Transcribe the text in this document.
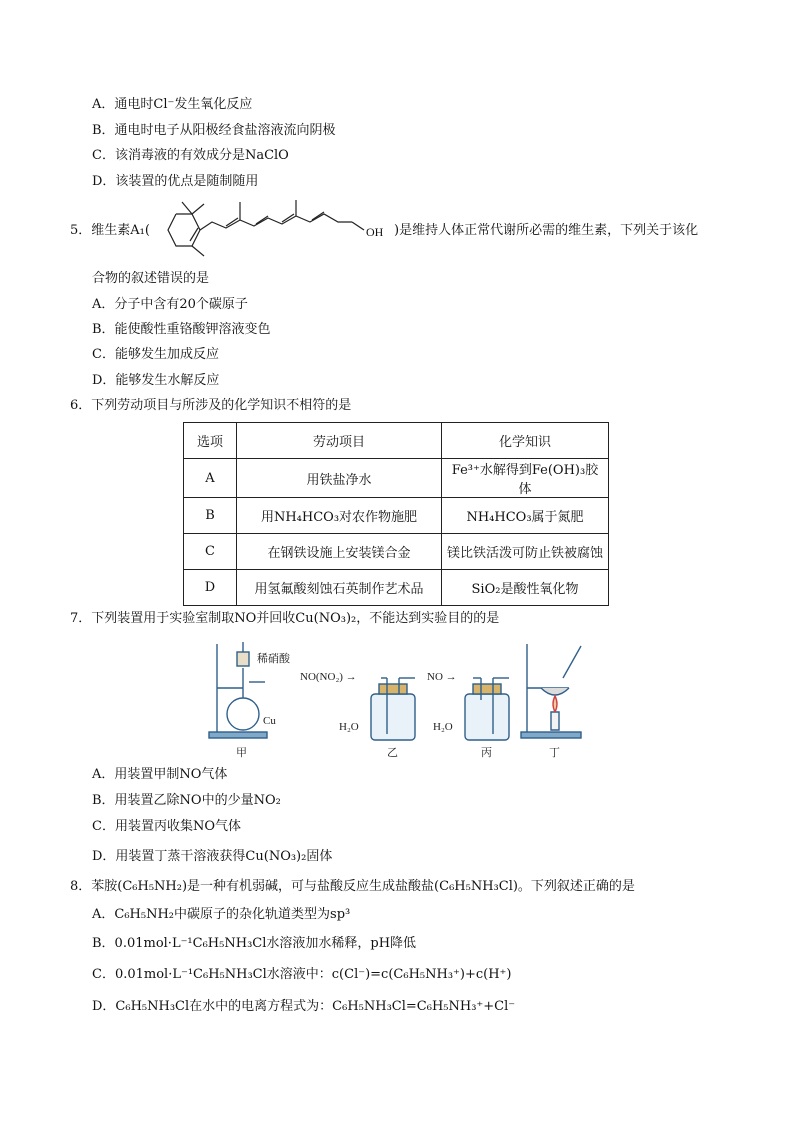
A．通电时Cl⁻发生氧化反应
B．通电时电子从阳极经食盐溶液流向阴极
C．该消毒液的有效成分是NaClO
D．该装置的优点是随制随用
5．维生素A₁(	OH )是维持人体正常代谢所必需的维生素，下列关于该化
合物的叙述错误的是
A．分子中含有20个碳原子
B．能使酸性重铬酸钾溶液变色
C．能够发生加成反应
D．能够发生水解反应
6．下列劳动项目与所涉及的化学知识不相符的是
选项	劳动项目	化学知识
A	用铁盐净水	Fe³⁺水解得到Fe(OH)₃胶体
B	用NH₄HCO₃对农作物施肥	NH₄HCO₃属于氮肥
C	在钢铁设施上安装镁合金	镁比铁活泼可防止铁被腐蚀
D	用氢氟酸刻蚀石英制作艺术品	SiO₂是酸性氧化物
7．下列装置用于实验室制取NO并回收Cu(NO₃)₂，不能达到实验目的的是
稀硝酸
Cu
NO(NO₂) →	NO →
H₂O	H₂O
甲	乙	丙	丁
A．用装置甲制NO气体
B．用装置乙除NO中的少量NO₂
C．用装置丙收集NO气体
D．用装置丁蒸干溶液获得Cu(NO₃)₂固体
8．苯胺(C₆H₅NH₂)是一种有机弱碱，可与盐酸反应生成盐酸盐(C₆H₅NH₃Cl)。下列叙述正确的是
A．C₆H₅NH₂中碳原子的杂化轨道类型为sp³
B．0.01mol·L⁻¹C₆H₅NH₃Cl水溶液加水稀释，pH降低
C．0.01mol·L⁻¹C₆H₅NH₃Cl水溶液中：c(Cl⁻)=c(C₆H₅NH₃⁺)+c(H⁺)
D．C₆H₅NH₃Cl在水中的电离方程式为：C₆H₅NH₃Cl=C₆H₅NH₃⁺+Cl⁻
